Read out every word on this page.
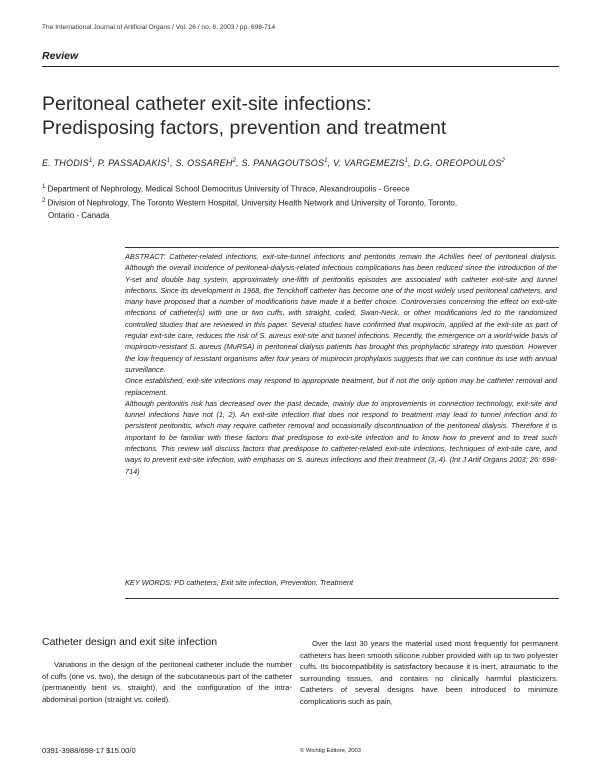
The International Journal of Artificial Organs / Vol. 26 / no. 8, 2003 / pp. 698-714
Review
Peritoneal catheter exit-site infections:
Predisposing factors, prevention and treatment
E. THODIS$^1$, P. PASSADAKIS$^1$, S. OSSAREH$^2$, S. PANAGOUTSOS$^1$, V. VARGEMEZIS$^1$, D.G. OREOPOULOS$^2$
$^1$ Department of Nephrology, Medical School Democritus University of Thrace, Alexandroupolis - Greece
$^2$ Division of Nephrology, The Toronto Western Hospital, University Health Network and University of Toronto, Toronto,
Ontario - Canada

ABSTRACT: Catheter-related infections, exit-site-tunnel infections and peritonitis remain the Achilles heel of peritoneal dialysis. Although the overall incidence of peritoneal-dialysis-related infectious complications has been reduced since the introduction of the Y-set and double bag system, approximately one-fifth of peritonitis episodes are associated with catheter exit-site and tunnel infections. Since its development in 1968, the Tenckhoff catheter has become one of the most widely used peritoneal catheters, and many have proposed that a number of modifications have made it a better choice. Controversies concerning the effect on exit-site infections of catheter(s) with one or two cuffs, with straight, coiled, Swan-Neck, or other modifications led to the randomized controlled studies that are reviewed in this paper. Several studies have confirmed that mupirocin, applied at the exit-site as part of regular exit-site care, reduces the risk of S. aureus exit-site and tunnel infections. Recently, the emergence on a world-wide basis of mupirocin-resistant S. aureus (MuRSA) in peritoneal dialysis patients has brought this prophylactic strategy into question. However the low frequency of resistant organisms after four years of mupirocin prophylaxis suggests that we can continue its use with annual surveillance.

Once established, exit-site infections may respond to appropriate treatment, but if not the only option may be catheter removal and replacement.

Although peritonitis risk has decreased over the past decade, mainly due to improvements in connection technology, exit-site and tunnel infections have not (1, 2). An exit-site infection that does not respond to treatment may lead to tunnel infection and to persistent peritonitis, which may require catheter removal and occasionally discontinuation of the peritoneal dialysis. Therefore it is important to be familiar with these factors that predispose to exit-site infection and to know how to prevent and to treat such infections. This review will discuss factors that predispose to catheter-related exit-site infections, techniques of exit-site care, and ways to prevent exit-site infection, with emphasis on S. aureus infections and their treatment (3, 4). (Int J Artif Organs 2003; 26: 698-714)

KEY WORDS: PD catheters, Exit site infection, Prevention, Treatment
Catheter design and exit site infection

Variations in the design of the peritoneal catheter include the number of cuffs (one vs. two), the design of the subcutaneous part of the catheter (permanently bent vs. straight), and the configuration of the intra-abdominal portion (straight vs. coiled).

Over the last 30 years the material used most frequently for permanent catheters has been smooth silicone rubber provided with up to two polyester cuffs. Its biocompatibility is satisfactory because it is inert, atraumatic to the surrounding tissues, and contains no clinically harmful plasticizers. Catheters of several designs have been introduced to minimize complications such as pain,

0391-3988/698-17 $15.00/0	© Wichtig Editore, 2003
